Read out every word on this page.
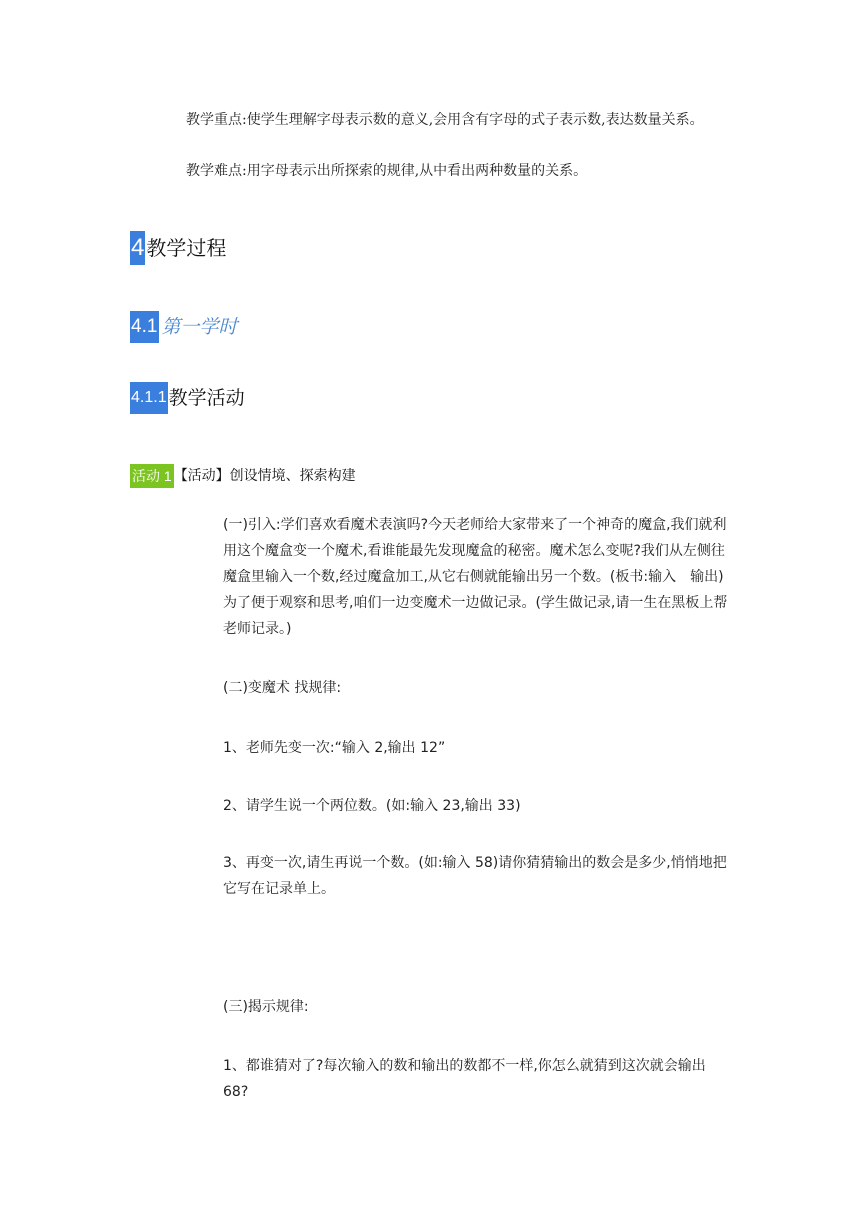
教学重点:使学生理解字母表示数的意义,会用含有字母的式子表示数,表达数量关系。
教学难点:用字母表示出所探索的规律,从中看出两种数量的关系。
4 教学过程
4.1 第一学时
4.1.1 教学活动
活动 1 【活动】创设情境、探索构建
(一)引入:学们喜欢看魔术表演吗?今天老师给大家带来了一个神奇的魔盒,我们就利用这个魔盒变一个魔术,看谁能最先发现魔盒的秘密。魔术怎么变呢?我们从左侧往魔盒里输入一个数,经过魔盒加工,从它右侧就能输出另一个数。(板书:输入　输出)为了便于观察和思考,咱们一边变魔术一边做记录。(学生做记录,请一生在黑板上帮老师记录。)
(二)变魔术 找规律:
1、老师先变一次:“输入 2,输出 12”
2、请学生说一个两位数。(如:输入 23,输出 33)
3、再变一次,请生再说一个数。(如:输入 58)请你猜猜输出的数会是多少,悄悄地把它写在记录单上。
(三)揭示规律:
1、都谁猜对了?每次输入的数和输出的数都不一样,你怎么就猜到这次就会输出 68?
